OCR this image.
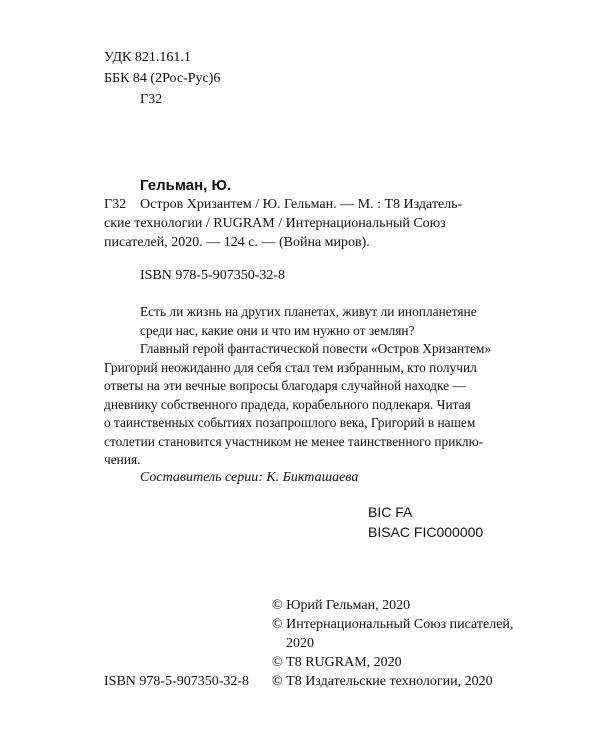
УДК 821.161.1
ББК 84 (2Рос-Рус)6
Г32
Гельман, Ю.
Г32 Остров Хризантем / Ю. Гельман. — М. : Т8 Издатель-
ские технологии / RUGRAM / Интернациональный Союз
писателей, 2020. — 124 с. — (Война миров).
ISBN 978-5-907350-32-8

Есть ли жизнь на других планетах, живут ли инопланетяне

среди нас, какие они и что им нужно от землян?

Главный герой фантастической повести «Остров Хризантем»

Григорий неожиданно для себя стал тем избранным, кто получил

ответы на эти вечные вопросы благодаря случайной находке —

дневнику собственного прадеда, корабельного подлекаря. Читая

о таинственных событиях позапрошлого века, Григорий в нашем

столетии становится участником не менее таинственного приклю-

чения.

Составитель серии: К. Бикташаева
BIC FA
BISAC FIC000000
© Юрий Гельман, 2020
© Интернациональный Союз писателей,
2020
© Т8 RUGRAM, 2020
© Т8 Издательские технологии, 2020
ISBN 978-5-907350-32-8
